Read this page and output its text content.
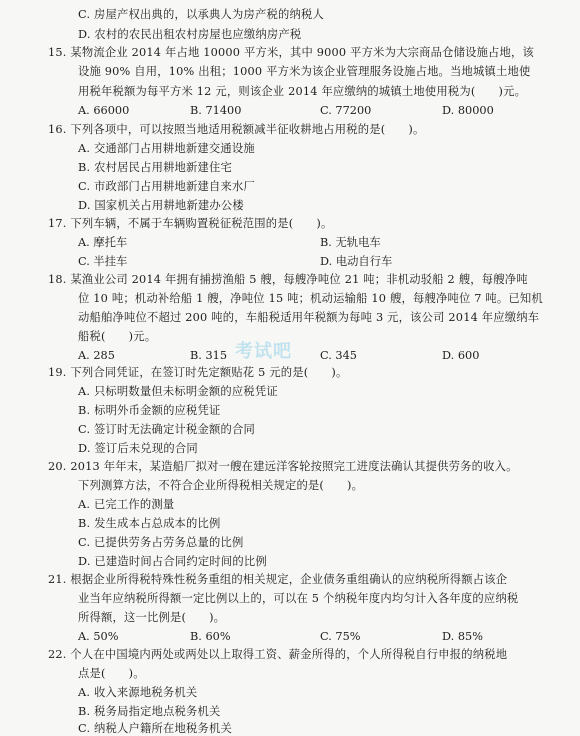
C. 房屋产权出典的，以承典人为房产税的纳税人
D. 农村的农民出租农村房屋也应缴纳房产税
15. 某物流企业 2014 年占地 10000 平方米，其中 9000 平方米为大宗商品仓储设施占地，该
设施 90% 自用，10% 出租；1000 平方米为该企业管理服务设施占地。当地城镇土地使
用税年税额为每平方米 12 元，则该企业 2014 年应缴纳的城镇土地使用税为(　　)元。
A. 66000	B. 71400	C. 77200	D. 80000
16. 下列各项中，可以按照当地适用税额减半征收耕地占用税的是(　　)。
A. 交通部门占用耕地新建交通设施
B. 农村居民占用耕地新建住宅
C. 市政部门占用耕地新建自来水厂
D. 国家机关占用耕地新建办公楼
17. 下列车辆，不属于车辆购置税征税范围的是(　　)。
A. 摩托车	B. 无轨电车
C. 半挂车	D. 电动自行车
18. 某渔业公司 2014 年拥有捕捞渔船 5 艘，每艘净吨位 21 吨；非机动驳船 2 艘，每艘净吨
位 10 吨；机动补给船 1 艘，净吨位 15 吨；机动运输船 10 艘，每艘净吨位 7 吨。已知机
动船舶净吨位不超过 200 吨的，车船税适用年税额为每吨 3 元，该公司 2014 年应缴纳车
船税(　　)元。
A. 285	B. 315	C. 345	D. 600
考试吧
19. 下列合同凭证，在签订时先定额贴花 5 元的是(　　)。
A. 只标明数量但未标明金额的应税凭证
B. 标明外币金额的应税凭证
C. 签订时无法确定计税金额的合同
D. 签订后未兑现的合同
20. 2013 年年末，某造船厂拟对一艘在建远洋客轮按照完工进度法确认其提供劳务的收入。
下列测算方法，不符合企业所得税相关规定的是(　　)。
A. 已完工作的测量
B. 发生成本占总成本的比例
C. 已提供劳务占劳务总量的比例
D. 已建造时间占合同约定时间的比例
21. 根据企业所得税特殊性税务重组的相关规定，企业债务重组确认的应纳税所得额占该企
业当年应纳税所得额一定比例以上的，可以在 5 个纳税年度内均匀计入各年度的应纳税
所得额，这一比例是(　　)。
A. 50%	B. 60%	C. 75%	D. 85%
22. 个人在中国境内两处或两处以上取得工资、薪金所得的，个人所得税自行申报的纳税地
点是(　　)。
A. 收入来源地税务机关
B. 税务局指定地点税务机关
C. 纳税人户籍所在地税务机关
